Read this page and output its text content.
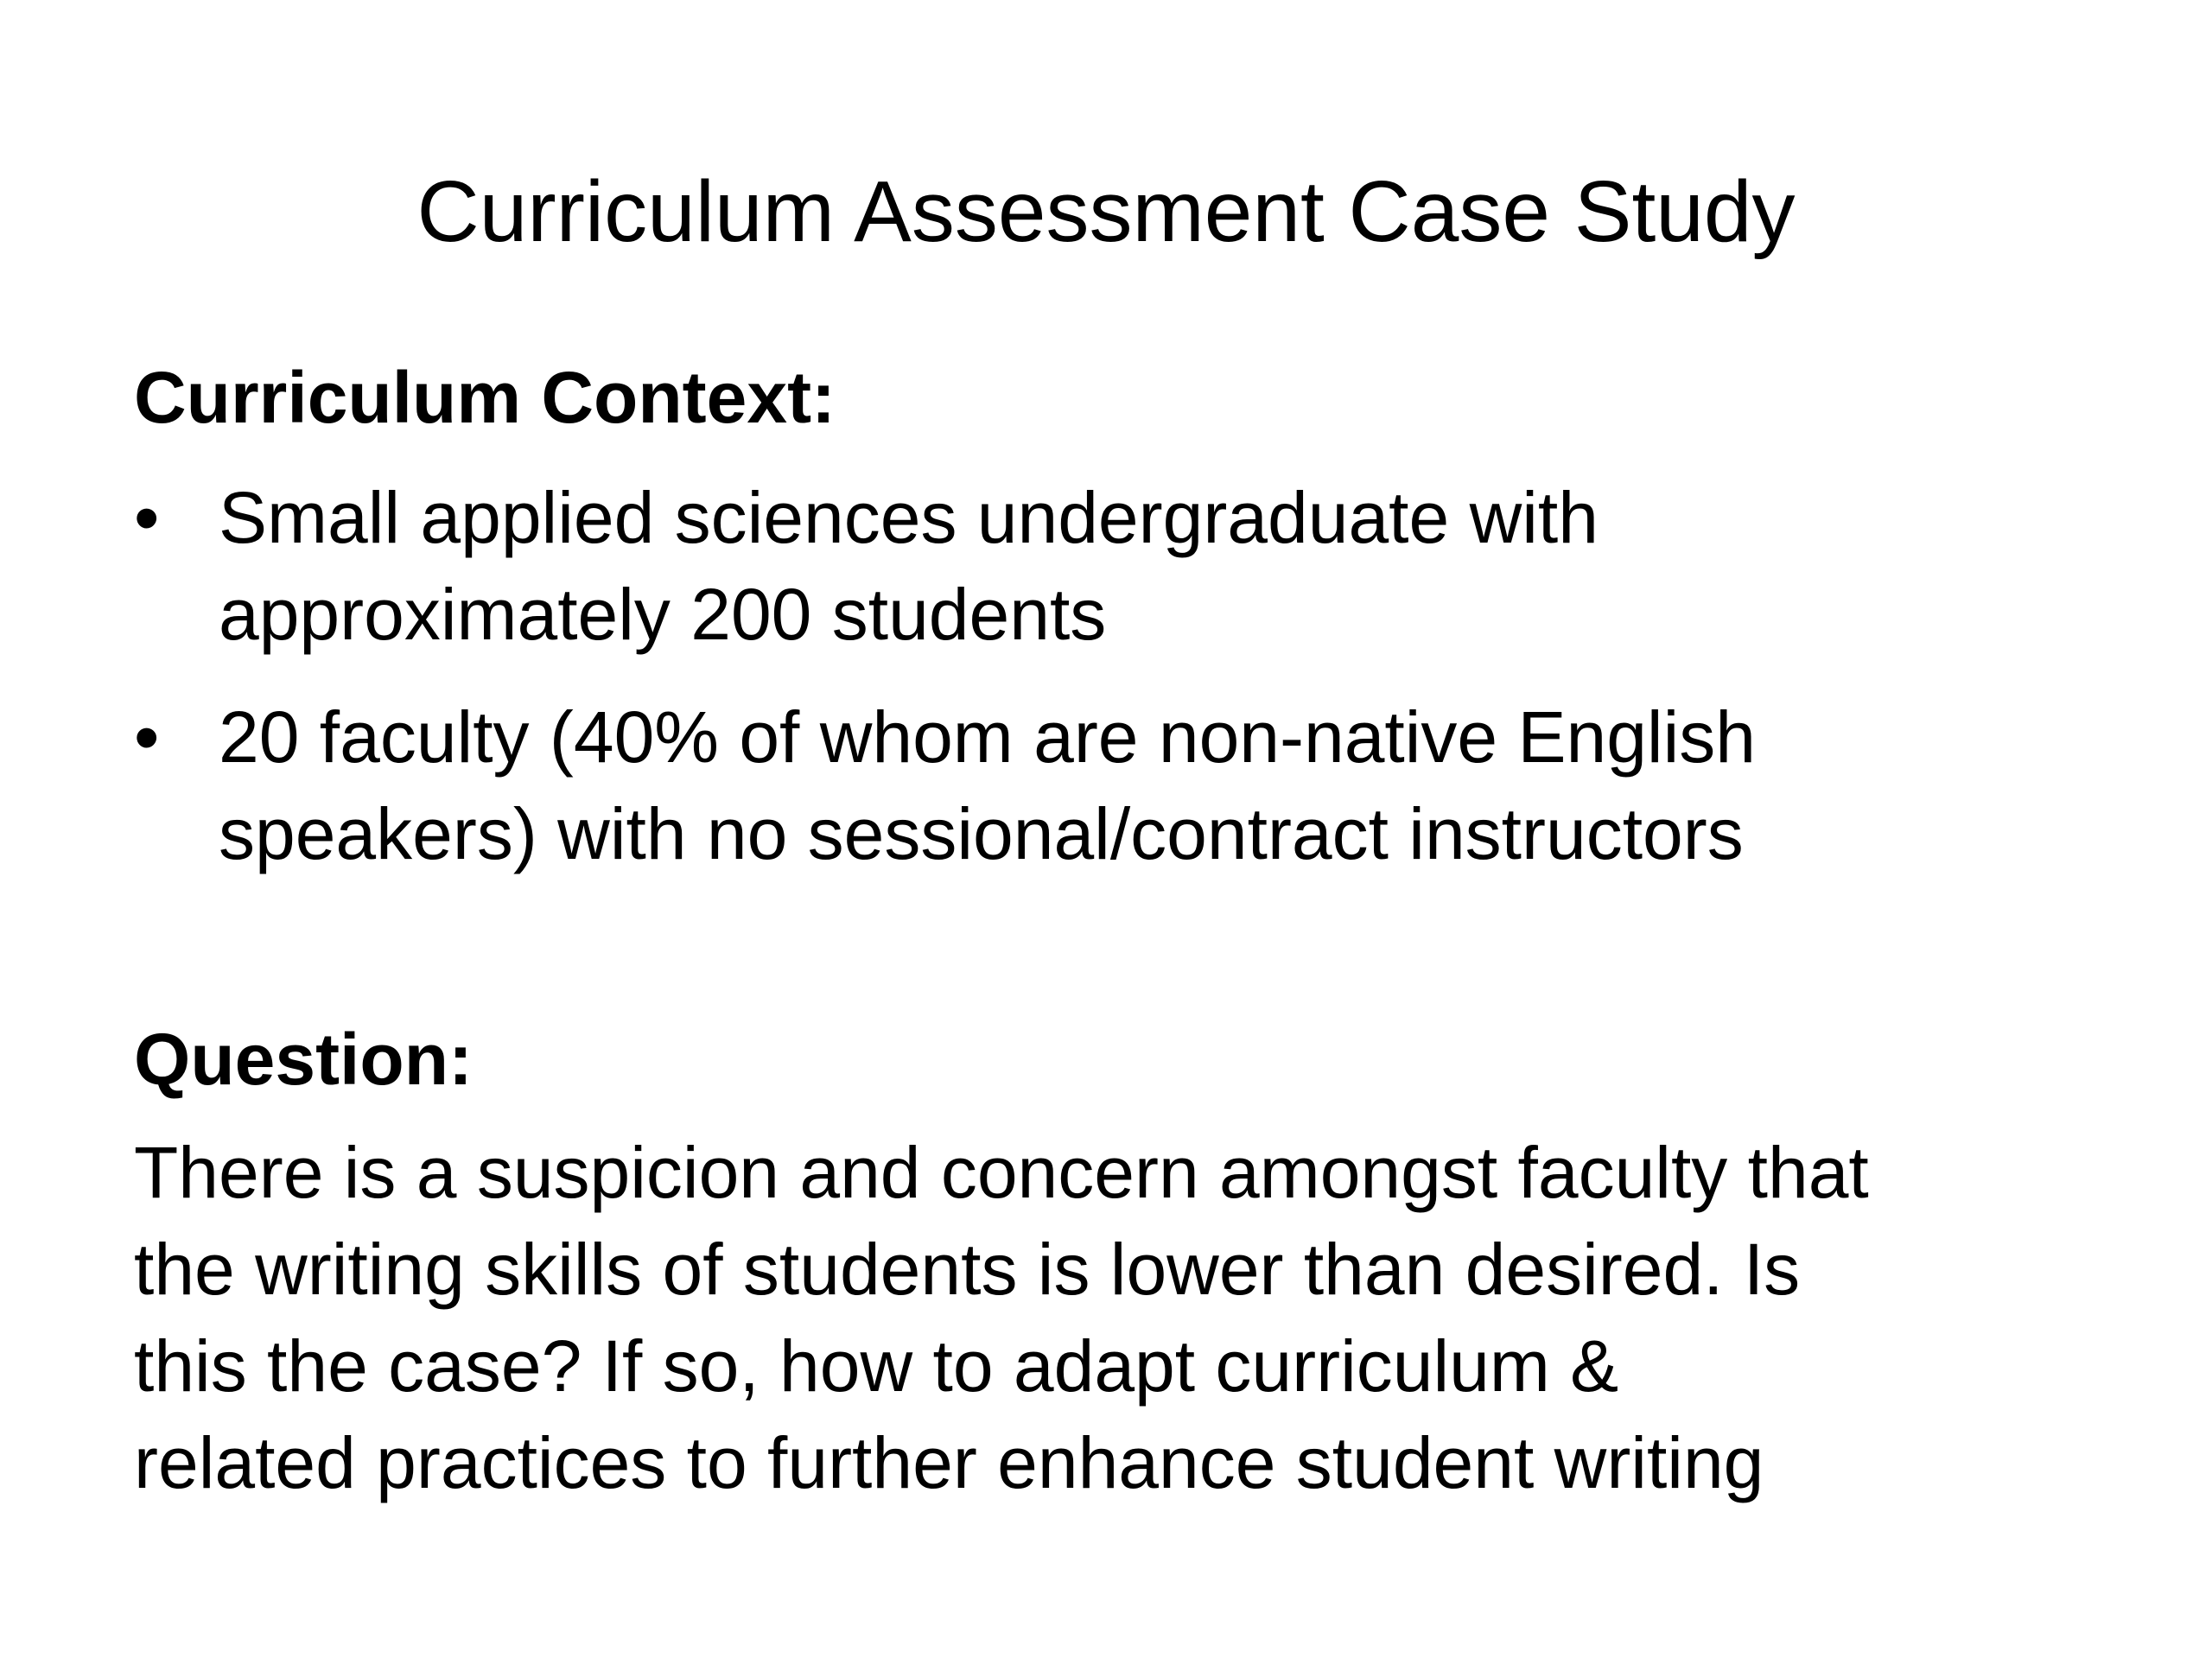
Curriculum Assessment Case Study
Curriculum Context:
• Small applied sciences undergraduate with
approximately 200 students
• 20 faculty (40% of whom are non-native English
speakers) with no sessional/contract instructors
Question:
There is a suspicion and concern amongst faculty that
the writing skills of students is lower than desired. Is
this the case? If so, how to adapt curriculum &
related practices to further enhance student writing
